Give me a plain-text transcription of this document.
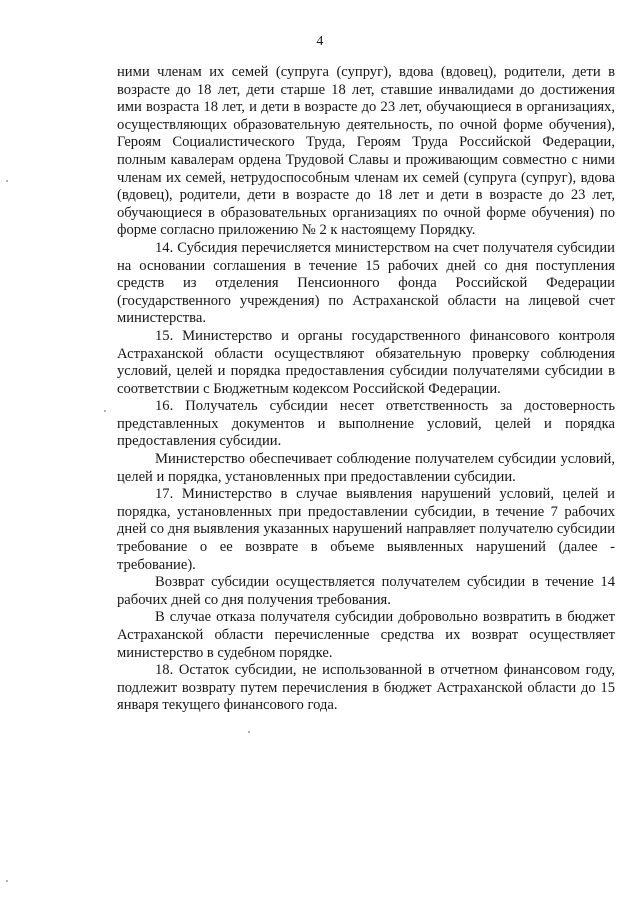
4

ними членам их семей (супруга (супруг), вдова (вдовец), родители, дети в возрасте до 18 лет, дети старше 18 лет, ставшие инвалидами до достижения ими возраста 18 лет, и дети в возрасте до 23 лет, обучающиеся в организациях, осуществляющих образовательную деятельность, по очной форме обучения), Героям Социалистического Труда, Героям Труда Российской Федерации, полным кавалерам ордена Трудовой Славы и проживающим совместно с ними членам их семей, нетрудоспособным членам их семей (супруга (супруг), вдова (вдовец), родители, дети в возрасте до 18 лет и дети в возрасте до 23 лет, обучающиеся в образовательных организациях по очной форме обучения) по форме согласно приложению № 2 к настоящему Порядку.

14. Субсидия перечисляется министерством на счет получателя субсидии на основании соглашения в течение 15 рабочих дней со дня поступления средств из отделения Пенсионного фонда Российской Федерации (государственного учреждения) по Астраханской области на лицевой счет министерства.

15. Министерство и органы государственного финансового контроля Астраханской области осуществляют обязательную проверку соблюдения условий, целей и порядка предоставления субсидии получателями субсидии в соответствии с Бюджетным кодексом Российской Федерации.

16. Получатель субсидии несет ответственность за достоверность представленных документов и выполнение условий, целей и порядка предоставления субсидии.

Министерство обеспечивает соблюдение получателем субсидии условий, целей и порядка, установленных при предоставлении субсидии.

17. Министерство в случае выявления нарушений условий, целей и порядка, установленных при предоставлении субсидии, в течение 7 рабочих дней со дня выявления указанных нарушений направляет получателю субсидии требование о ее возврате в объеме выявленных нарушений (далее - требование).

Возврат субсидии осуществляется получателем субсидии в течение 14 рабочих дней со дня получения требования.

В случае отказа получателя субсидии добровольно возвратить в бюджет Астраханской области перечисленные средства их возврат осуществляет министерство в судебном порядке.

18. Остаток субсидии, не использованной в отчетном финансовом году, подлежит возврату путем перечисления в бюджет Астраханской области до 15 января текущего финансового года.
